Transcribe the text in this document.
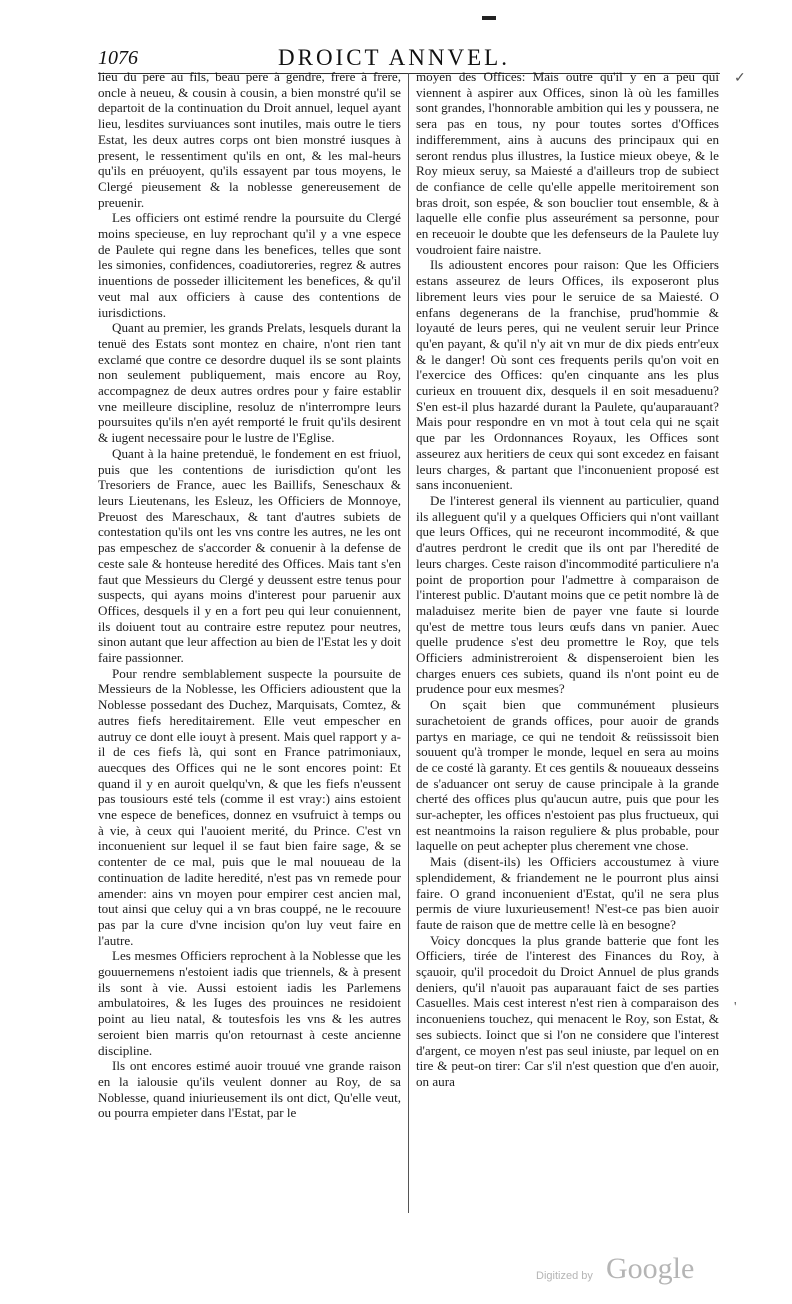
1076	DROICT ANNVEL.

lieu du pere au fils, beau pere à gendre, frere à frere, oncle à neueu, & cousin à cousin, a bien monstré qu'il se departoit de la continuation du Droit annuel, lequel ayant lieu, lesdites surviuances sont inutiles, mais outre le tiers Estat, les deux autres corps ont bien monstré iusques à present, le ressentiment qu'ils en ont, & les mal-heurs qu'ils en préuoyent, qu'ils essayent par tous moyens, le Clergé pieusement & la noblesse genereusement de preuenir.

Les officiers ont estimé rendre la poursuite du Clergé moins specieuse, en luy reprochant qu'il y a vne espece de Paulete qui regne dans les benefices, telles que sont les simonies, confidences, coadiutoreries, regrez & autres inuentions de posseder illicitement les benefices, & qu'il veut mal aux officiers à cause des contentions de iurisdictions.

Quant au premier, les grands Prelats, lesquels durant la tenuë des Estats sont montez en chaire, n'ont rien tant exclamé que contre ce desordre duquel ils se sont plaints non seulement publiquement, mais encore au Roy, accompagnez de deux autres ordres pour y faire establir vne meilleure discipline, resoluz de n'interrompre leurs poursuites qu'ils n'en ayét remporté le fruit qu'ils desirent & iugent necessaire pour le lustre de l'Eglise.

Quant à la haine pretenduë, le fondement en est friuol, puis que les contentions de iurisdiction qu'ont les Tresoriers de France, auec les Baillifs, Seneschaux & leurs Lieutenans, les Esleuz, les Officiers de Monnoye, Preuost des Mareschaux, & tant d'autres subiets de contestation qu'ils ont les vns contre les autres, ne les ont pas empeschez de s'accorder & conuenir à la defense de ceste sale & honteuse heredité des Offices. Mais tant s'en faut que Messieurs du Clergé y deussent estre tenus pour suspects, qui ayans moins d'interest pour paruenir aux Offices, desquels il y en a fort peu qui leur conuiennent, ils doiuent tout au contraire estre reputez pour neutres, sinon autant que leur affection au bien de l'Estat les y doit faire passionner.

Pour rendre semblablement suspecte la poursuite de Messieurs de la Noblesse, les Officiers adioustent que la Noblesse possedant des Duchez, Marquisats, Comtez, & autres fiefs hereditairement. Elle veut empescher en autruy ce dont elle iouyt à present. Mais quel rapport y a-il de ces fiefs là, qui sont en France patrimoniaux, auecques des Offices qui ne le sont encores point: Et quand il y en auroit quelqu'vn, & que les fiefs n'eussent pas tousiours esté tels (comme il est vray:) ains estoient vne espece de benefices, donnez en vsufruict à temps ou à vie, à ceux qui l'auoient merité, du Prince. C'est vn inconuenient sur lequel il se faut bien faire sage, & se contenter de ce mal, puis que le mal nouueau de la continuation de ladite heredité, n'est pas vn remede pour amender: ains vn moyen pour empirer cest ancien mal, tout ainsi que celuy qui a vn bras couppé, ne le recouure pas par la cure d'vne incision qu'on luy veut faire en l'autre.

Les mesmes Officiers reprochent à la Noblesse que les gouuernemens n'estoient iadis que triennels, & à present ils sont à vie. Aussi estoient iadis les Parlemens ambulatoires, & les Iuges des prouinces ne residoient point au lieu natal, & toutesfois les vns & les autres seroient bien marris qu'on retournast à ceste ancienne discipline.

Ils ont encores estimé auoir trouué vne grande raison en la ialousie qu'ils veulent donner au Roy, de sa Noblesse, quand iniurieusement ils ont dict, Qu'elle veut, ou pourra empieter dans l'Estat, par le

moyen des Offices: Mais outre qu'il y en a peu qui viennent à aspirer aux Offices, sinon là où les familles sont grandes, l'honnorable ambition qui les y poussera, ne sera pas en tous, ny pour toutes sortes d'Offices indifferemment, ains à aucuns des principaux qui en seront rendus plus illustres, la Iustice mieux obeye, & le Roy mieux seruy, sa Maiesté a d'ailleurs trop de subiect de confiance de celle qu'elle appelle meritoirement son bras droit, son espée, & son bouclier tout ensemble, & à laquelle elle confie plus asseurément sa personne, pour en receuoir le doubte que les defenseurs de la Paulete luy voudroient faire naistre.

Ils adioustent encores pour raison: Que les Officiers estans asseurez de leurs Offices, ils exposeront plus librement leurs vies pour le seruice de sa Maiesté. O enfans degenerans de la franchise, prud'hommie & loyauté de leurs peres, qui ne veulent seruir leur Prince qu'en payant, & qu'il n'y ait vn mur de dix pieds entr'eux & le danger! Où sont ces frequents perils qu'on voit en l'exercice des Offices: qu'en cinquante ans les plus curieux en trouuent dix, desquels il en soit mesaduenu? S'en est-il plus hazardé durant la Paulete, qu'auparauant? Mais pour respondre en vn mot à tout cela qui ne sçait que par les Ordonnances Royaux, les Offices sont asseurez aux heritiers de ceux qui sont excedez en faisant leurs charges, & partant que l'inconuenient proposé est sans inconuenient.

De l'interest general ils viennent au particulier, quand ils alleguent qu'il y a quelques Officiers qui n'ont vaillant que leurs Offices, qui ne receuront incommodité, & que d'autres perdront le credit que ils ont par l'heredité de leurs charges. Ceste raison d'incommodité particuliere n'a point de proportion pour l'admettre à comparaison de l'interest public. D'autant moins que ce petit nombre là de maladuisez merite bien de payer vne faute si lourde qu'est de mettre tous leurs œufs dans vn panier. Auec quelle prudence s'est deu promettre le Roy, que tels Officiers administreroient & dispenseroient bien les charges enuers ces subiets, quand ils n'ont point eu de prudence pour eux mesmes?

On sçait bien que communément plusieurs surachetoient de grands offices, pour auoir de grands partys en mariage, ce qui ne tendoit & reüssissoit bien souuent qu'à tromper le monde, lequel en sera au moins de ce costé là garanty. Et ces gentils & nouueaux desseins de s'aduancer ont seruy de cause principale à la grande cherté des offices plus qu'aucun autre, puis que pour les sur-achepter, les offices n'estoient pas plus fructueux, qui est neantmoins la raison reguliere & plus probable, pour laquelle on peut achepter plus cherement vne chose.

Mais (disent-ils) les Officiers accoustumez à viure splendidement, & friandement ne le pourront plus ainsi faire. O grand inconuenient d'Estat, qu'il ne sera plus permis de viure luxurieusement! N'est-ce pas bien auoir faute de raison que de mettre celle là en besogne?

Voicy doncques la plus grande batterie que font les Officiers, tirée de l'interest des Finances du Roy, à sçauoir, qu'il procedoit du Droict Annuel de plus grands deniers, qu'il n'auoit pas auparauant faict de ses parties Casuelles. Mais cest interest n'est rien à comparaison des inconueniens touchez, qui menacent le Roy, son Estat, & ses subiects. Ioinct que si l'on ne considere que l'interest d'argent, ce moyen n'est pas seul iniuste, par lequel on en tire & peut-on tirer: Car s'il n'est question que d'en auoir, on aura

✓
'
Digitized by Google
